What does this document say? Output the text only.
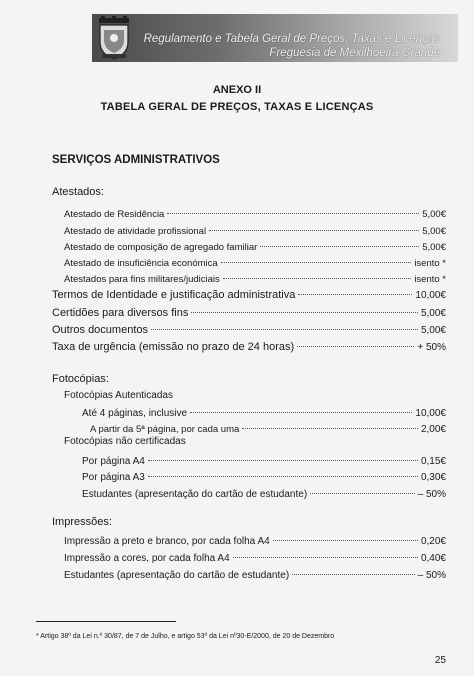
Regulamento e Tabela Geral de Preços, Taxas e Licenças
Freguesia de Mexilhoeira Grande
ANEXO II
TABELA GERAL DE PREÇOS, TAXAS E LICENÇAS
SERVIÇOS ADMINISTRATIVOS
Atestados:
Atestado de Residência	5,00€
Atestado de atividade profissional	5,00€
Atestado de composição de agregado familiar	5,00€
Atestado de insuficiência económica	isento *
Atestados para fins militares/judiciais	isento *
Termos de Identidade e justificação administrativa	10,00€
Certidões para diversos fins	5,00€
Outros documentos	5,00€
Taxa de urgência (emissão no prazo de 24 horas)	+ 50%
Fotocópias:
Fotocópias Autenticadas
Até 4 páginas, inclusive	10,00€
A partir da 5ª página, por cada uma	2,00€
Fotocópias não certificadas
Por página A4	0,15€
Por página A3	0,30€
Estudantes (apresentação do cartão de estudante)	– 50%
Impressões:
Impressão a preto e branco, por cada folha A4	0,20€
Impressão a cores, por cada folha A4	0,40€
Estudantes (apresentação do cartão de estudante)	– 50%
* Artigo 38º da Lei n.º 30/87, de 7 de Julho, e artigo 53º da Lei nº30-E/2000, de 20 de Dezembro
25
